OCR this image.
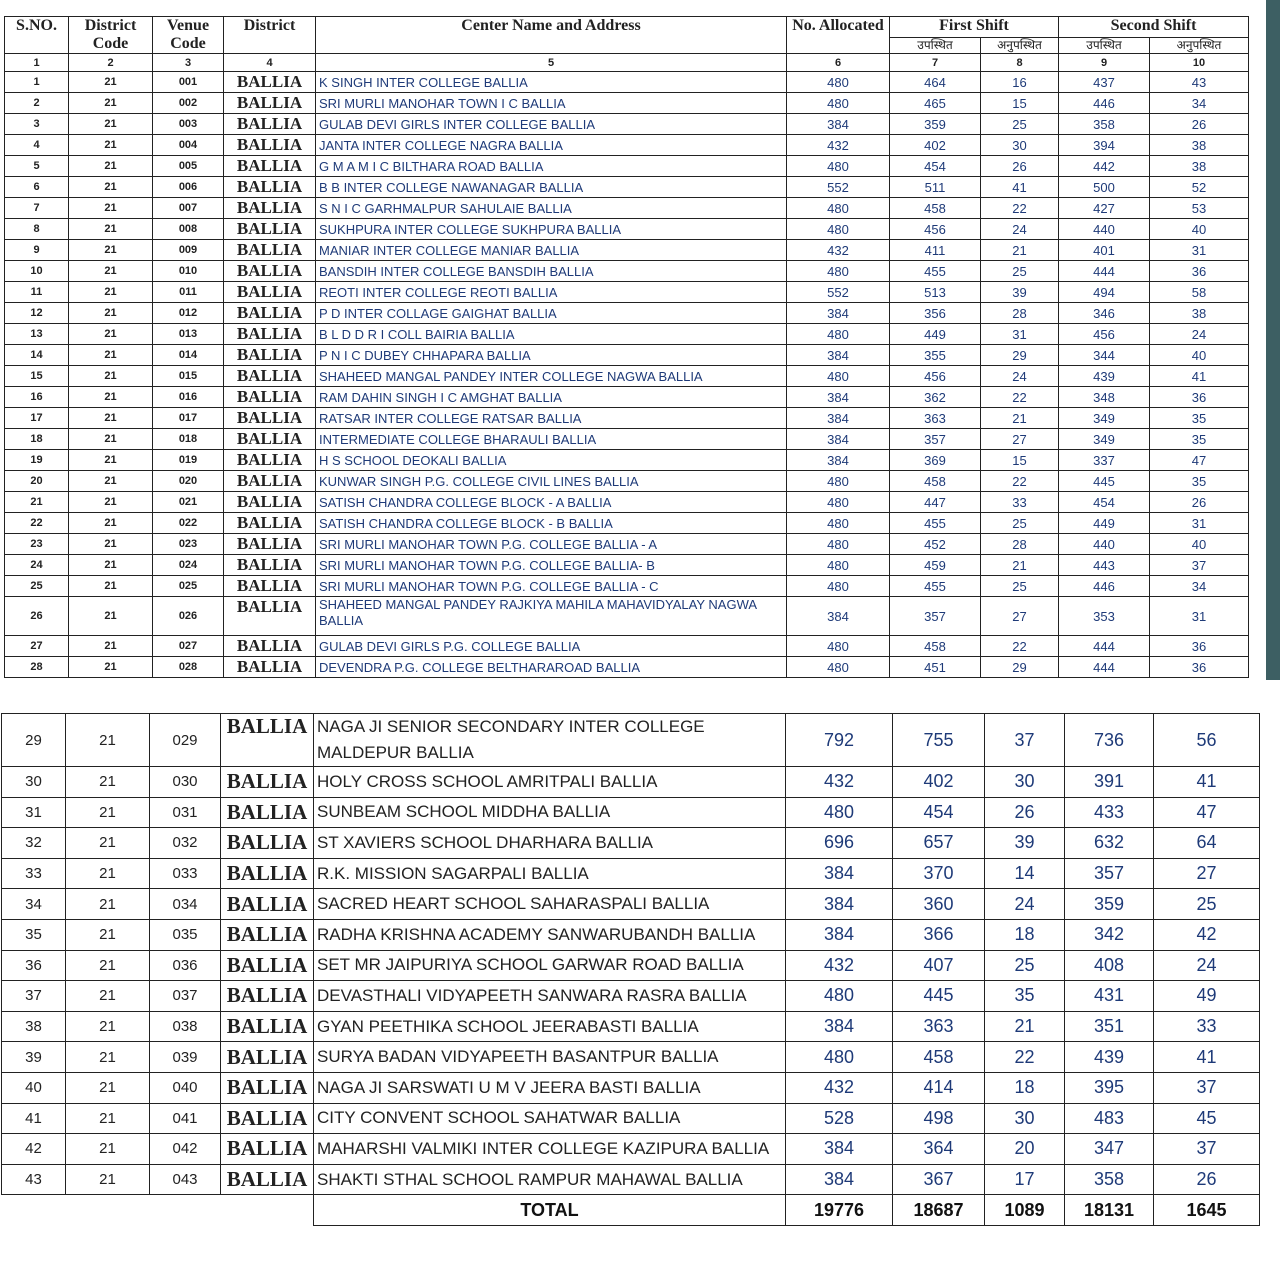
S.NO.	District Code	Venue Code	District	Center Name and Address	No. Allocated	First Shift		Second Shift	
						उपस्थित	अनुपस्थित	उपस्थित	अनुपस्थित
1	2	3	4	5	6	7	8	9	10
1	21	001	BALLIA	K SINGH INTER COLLEGE BALLIA	480	464	16	437	43
2	21	002	BALLIA	SRI MURLI MANOHAR TOWN I C BALLIA	480	465	15	446	34
3	21	003	BALLIA	GULAB DEVI GIRLS INTER COLLEGE BALLIA	384	359	25	358	26
4	21	004	BALLIA	JANTA INTER COLLEGE NAGRA BALLIA	432	402	30	394	38
5	21	005	BALLIA	G M A M I C BILTHARA ROAD BALLIA	480	454	26	442	38
6	21	006	BALLIA	B B INTER COLLEGE NAWANAGAR BALLIA	552	511	41	500	52
7	21	007	BALLIA	S N I C GARHMALPUR SAHULAIE BALLIA	480	458	22	427	53
8	21	008	BALLIA	SUKHPURA INTER COLLEGE SUKHPURA BALLIA	480	456	24	440	40
9	21	009	BALLIA	MANIAR INTER COLLEGE MANIAR BALLIA	432	411	21	401	31
10	21	010	BALLIA	BANSDIH INTER COLLEGE BANSDIH BALLIA	480	455	25	444	36
11	21	011	BALLIA	REOTI INTER COLLEGE REOTI BALLIA	552	513	39	494	58
12	21	012	BALLIA	P D INTER COLLAGE GAIGHAT BALLIA	384	356	28	346	38
13	21	013	BALLIA	B L D D R I COLL BAIRIA BALLIA	480	449	31	456	24
14	21	014	BALLIA	P N I C DUBEY CHHAPARA BALLIA	384	355	29	344	40
15	21	015	BALLIA	SHAHEED MANGAL PANDEY INTER COLLEGE NAGWA BALLIA	480	456	24	439	41
16	21	016	BALLIA	RAM DAHIN SINGH I C AMGHAT BALLIA	384	362	22	348	36
17	21	017	BALLIA	RATSAR INTER COLLEGE RATSAR BALLIA	384	363	21	349	35
18	21	018	BALLIA	INTERMEDIATE COLLEGE BHARAULI BALLIA	384	357	27	349	35
19	21	019	BALLIA	H S SCHOOL DEOKALI BALLIA	384	369	15	337	47
20	21	020	BALLIA	KUNWAR SINGH P.G. COLLEGE CIVIL LINES BALLIA	480	458	22	445	35
21	21	021	BALLIA	SATISH CHANDRA COLLEGE BLOCK - A BALLIA	480	447	33	454	26
22	21	022	BALLIA	SATISH CHANDRA COLLEGE BLOCK - B BALLIA	480	455	25	449	31
23	21	023	BALLIA	SRI MURLI MANOHAR TOWN P.G. COLLEGE BALLIA - A	480	452	28	440	40
24	21	024	BALLIA	SRI MURLI MANOHAR TOWN P.G. COLLEGE BALLIA- B	480	459	21	443	37
25	21	025	BALLIA	SRI MURLI MANOHAR TOWN P.G. COLLEGE BALLIA - C	480	455	25	446	34
26	21	026	BALLIA	SHAHEED MANGAL PANDEY RAJKIYA MAHILA MAHAVIDYALAY NAGWA BALLIA	384	357	27	353	31
27	21	027	BALLIA	GULAB DEVI GIRLS P.G. COLLEGE BALLIA	480	458	22	444	36
28	21	028	BALLIA	DEVENDRA P.G. COLLEGE BELTHARAROAD BALLIA	480	451	29	444	36
29	21	029	BALLIA	NAGA JI SENIOR SECONDARY INTER COLLEGE MALDEPUR BALLIA	792	755	37	736	56
30	21	030	BALLIA	HOLY CROSS SCHOOL AMRITPALI BALLIA	432	402	30	391	41
31	21	031	BALLIA	SUNBEAM SCHOOL MIDDHA BALLIA	480	454	26	433	47
32	21	032	BALLIA	ST XAVIERS SCHOOL DHARHARA BALLIA	696	657	39	632	64
33	21	033	BALLIA	R.K. MISSION SAGARPALI BALLIA	384	370	14	357	27
34	21	034	BALLIA	SACRED HEART SCHOOL SAHARASPALI BALLIA	384	360	24	359	25
35	21	035	BALLIA	RADHA KRISHNA ACADEMY SANWARUBANDH BALLIA	384	366	18	342	42
36	21	036	BALLIA	SET MR JAIPURIYA SCHOOL GARWAR ROAD BALLIA	432	407	25	408	24
37	21	037	BALLIA	DEVASTHALI VIDYAPEETH SANWARA RASRA BALLIA	480	445	35	431	49
38	21	038	BALLIA	GYAN PEETHIKA SCHOOL JEERABASTI BALLIA	384	363	21	351	33
39	21	039	BALLIA	SURYA BADAN VIDYAPEETH BASANTPUR BALLIA	480	458	22	439	41
40	21	040	BALLIA	NAGA JI SARSWATI U M V JEERA BASTI BALLIA	432	414	18	395	37
41	21	041	BALLIA	CITY CONVENT SCHOOL SAHATWAR BALLIA	528	498	30	483	45
42	21	042	BALLIA	MAHARSHI VALMIKI INTER COLLEGE KAZIPURA BALLIA	384	364	20	347	37
43	21	043	BALLIA	SHAKTI STHAL SCHOOL RAMPUR MAHAWAL BALLIA	384	367	17	358	26
				TOTAL	19776	18687	1089	18131	1645
